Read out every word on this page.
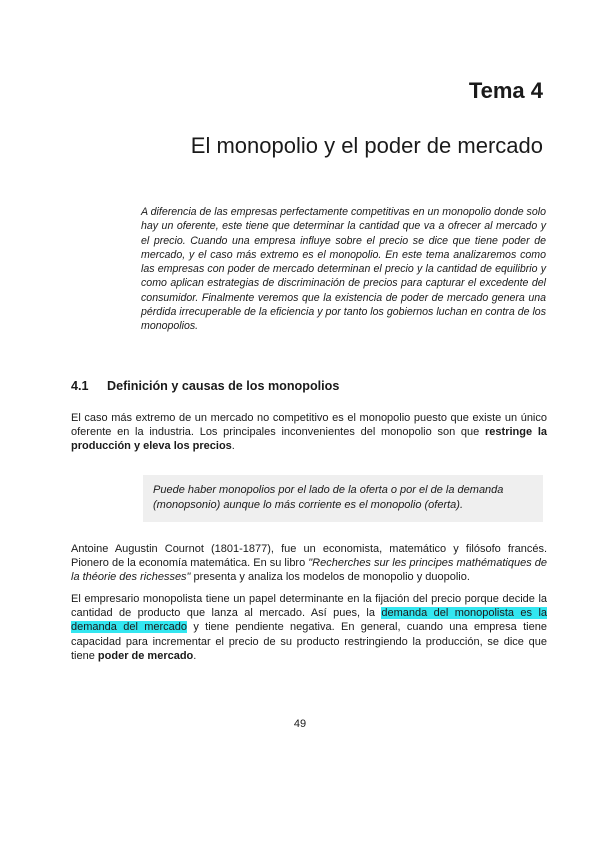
Tema 4
El monopolio y el poder de mercado

A diferencia de las empresas perfectamente competitivas en un monopolio donde solo hay un oferente, este tiene que determinar la cantidad que va a ofrecer al mercado y el precio. Cuando una empresa influye sobre el precio se dice que tiene poder de mercado, y el caso más extremo es el monopolio. En este tema analizaremos como las empresas con poder de mercado determinan el precio y la cantidad de equilibrio y como aplican estrategias de discriminación de precios para capturar el excedente del consumidor. Finalmente veremos que la existencia de poder de mercado genera una pérdida irrecuperable de la eficiencia y por tanto los gobiernos luchan en contra de los monopolios.

4.1 Definición y causas de los monopolios

El caso más extremo de un mercado no competitivo es el monopolio puesto que existe un único oferente en la industria. Los principales inconvenientes del monopolio son que restringe la producción y eleva los precios.

Puede haber monopolios por el lado de la oferta o por el de la demanda (monopsonio) aunque lo más corriente es el monopolio (oferta).

Antoine Augustin Cournot (1801-1877), fue un economista, matemático y filósofo francés. Pionero de la economía matemática. En su libro "Recherches sur les principes mathématiques de la théorie des richesses" presenta y analiza los modelos de monopolio y duopolio.

El empresario monopolista tiene un papel determinante en la fijación del precio porque decide la cantidad de producto que lanza al mercado. Así pues, la demanda del monopolista es la demanda del mercado y tiene pendiente negativa. En general, cuando una empresa tiene capacidad para incrementar el precio de su producto restringiendo la producción, se dice que tiene poder de mercado.

49
